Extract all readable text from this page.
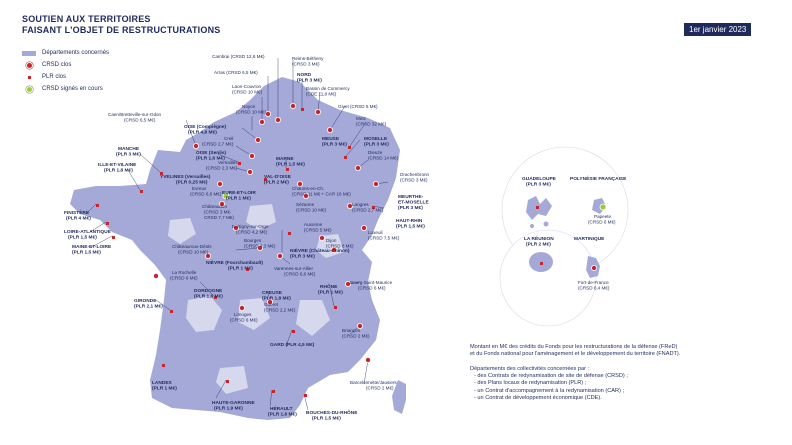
SOUTIEN AUX TERRITOIRES
FAISANT L'OBJET DE RESTRUCTURATIONS	1er janvier 2023
Départements concernés
CRSD clos
PLR clos
CRSD signés en cours
Cambrai (CRSD 12,6 M€)	Reims-Bétheny (CRSD 3 M€)
Arras (CRSD 6,5 M€)
NORD (PLR 3 M€)
Laon-Couvron (CRSD 10 M€)
Bassin de Commercy (CDE 11,8 M€)
Noyon (CRSD 10 M€)
Givet (CRSD 5 M€)
Caen/Bretteville-sur-Odon (CRSD 6,5 M€)	Metz (CRSD 32 M€)
OISE (Compiègne) (PLR 4,8 M€)
MEUSE (PLR 3 M€)
MOSELLE (PLR 3 M€)
Creil (CRSD 2,7 M€)
MANCHE (PLR 3 M€)	OISE (Senlis) (PLR 1,6 M€)
Dieuze (CRSD 14 M€)
MARNE (PLR 1,5 M€)
Versailles (CRSD 2,3 M€)
ILLE-ET-VILAINE (PLR 1,8 M€)
Drachenbronn (CRSD 3 M€)
YVELINES (Versailles) (PLR 0,25 M€)
VAL-D'OISE (PLR 2 M€)
EURE-ET-LOIR (PLR 1 M€)
Evreux (CRSD 6,6 M€)
MEURTHE-ET-MOSELLE (PLR 3 M€)
Châlons-en-Ch. (CRSD 11 M€ + CAR 16 M€)
Sézanne (CRSD 10 M€)
FINISTÈRE (PLR 4 M€)
Châteaudun (CRSD 3 M€-CRSD 7,7 M€)
HAUT-RHIN (PLR 1,5 M€)
Langres (CRSD 2,7 M€)
Brétigny-sur-Orge (CRSD 4,2 M€)	Luxeuil (CRSD 7,5 M€)
LOIRE-ATLANTIQUE (PLR 1,5 M€)	Bourges (CRSD 4,3 M€)
Dijon (CRSD 8 M€)
MAINE-ET-LOIRE (PLR 1,5 M€)
Châteauroux-Déols (CRSD 10 M€)
Auxonne (CRSD 5 M€)
NIÈVRE (Château-Chinon) (PLR 3 M€)
NIÈVRE (Fourchambault) (PLR 1 M€)	Varennes-sur-Allier (CRSD 6,6 M€)
La Rochelle (CRSD 6 M€)
Bourg-Saint-Maurice (CRSD 6 M€)
DORDOGNE (PLR 1,6 M€)
CREUSE (PLR 1,8 M€)
RHÔNE (PLR 1 M€)
Guéret (CRSD 2,2 M€)
GIRONDE (PLR 2,1 M€)
Limoges (CRSD 6 M€)
Briançon (CRSD 2 M€)
GARD (PLR 4,5 M€)
LANDES (PLR 1 M€)
Barcelonnette/Jausiers (CRSD 2 M€)
HAUTE-GARONNE (PLR 1,9 M€)	HÉRAULT (PLR 1,6 M€) BOUCHES-DU-RHÔNE (PLR 1,5 M€)
GUADELOUPE (PLR 3 M€)
POLYNÉSIE FRANÇAISE
Papeete (CRSD 6 M€)
LA RÉUNION (PLR 2 M€)
MARTINIQUE
Fort-de-France (CRSD 6,4 M€)
Montant en M€ des crédits du Fonds pour les restructurations de la défense (FReD)
et du Fonds national pour l'aménagement et le développement du territoire (FNADT).
Départements des collectivités concernées par :
- des Contrats de redynamisation de site de défense (CRSD) ;
- des Plans locaux de redynamisation (PLR) ;
- un Contrat d'accompagnement à la redynamisation (CAR) ;
- un Contrat de développement économique (CDE).
